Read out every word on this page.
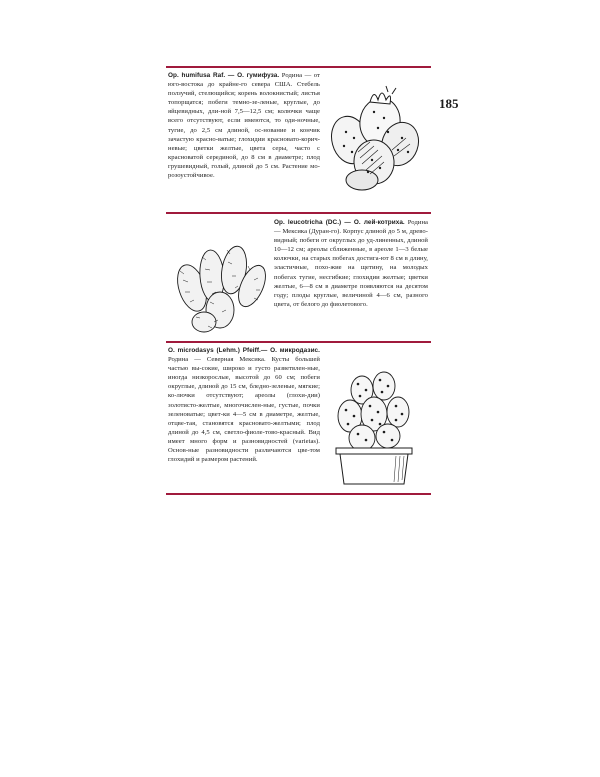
185
Op. humifusa Raf. — О. гумифуза. Родина — от юго-востока до крайне-го севера США. Стебель ползучий, стелющийся; корень волокнистый; листья топорщатся; побеги темно-зе-леные, круглые, до яйцевидных, дли-ной 7,5—12,5 см; колючки чаще всего отсутствуют, если имеются, то оди-ночные, тугие, до 2,5 см длиной, ос-нование и кончик зачастую красно-ватые; глохидии красновато-корич-невые; цветки желтые, цвета серы, часто с красноватой серединой, до 8 см в диаметре; плод грушевидный, голый, длиной до 5 см. Растение мо-розоустойчивое.
Op. leucotricha (DC.) — О. лей-котриха. Родина — Мексика (Дуран-го). Корпус длиной до 5 м, древо-видный; побеги от округлых до уд-линенных, длиной 10—12 см; ареолы сближенные, в ареоле 1—3 белые колючки, на старых побегах достига-ют 8 см в длину, эластичные, похо-жие на щетину, на молодых побегах тугие, несгибкие; глохидии желтые; цветки желтые, 6—8 см в диаметре появляются на десятом году; плоды круглые, величиной 4—6 см, разного цвета, от белого до фиолетового.
O. microdasys (Lehm.) Pfeiff.— О. микродазис. Родина — Северная Мексика. Кусты большей частью вы-сокие, широко и густо разветвлен-ные, иногда низкорослые, высотой до 60 см; побеги округлые, длиной до 15 см, бледно-зеленые, мягкие; ко-лючки отсутствуют; ареолы (глохи-дии) золотисто-желтые, многочислен-ные, густые, почки зеленоватые; цвет-ки 4—5 см в диаметре, желтые, отцве-тая, становятся красновато-желтыми; плод длиной до 4,5 см, светло-фиоле-тово-красный. Вид имеет много форм и разновидностей (varietas). Основ-ные разновидности различаются цве-том глохидий и размером растений.
